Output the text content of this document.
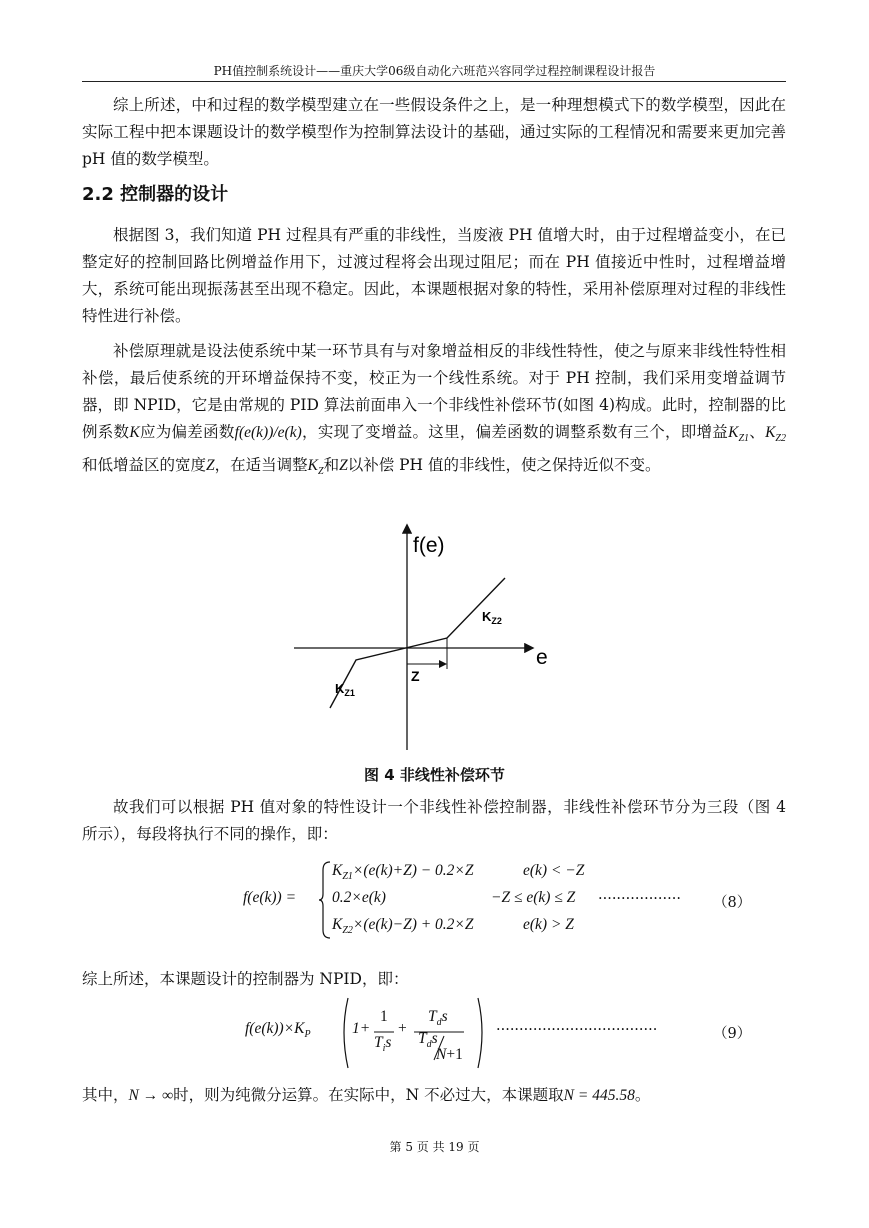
PH值控制系统设计——重庆大学06级自动化六班范兴容同学过程控制课程设计报告
综上所述，中和过程的数学模型建立在一些假设条件之上，是一种理想模式下的数学模型，因此在实际工程中把本课题设计的数学模型作为控制算法设计的基础，通过实际的工程情况和需要来更加完善 pH 值的数学模型。
2.2 控制器的设计
根据图 3，我们知道 PH 过程具有严重的非线性，当废液 PH 值增大时，由于过程增益变小，在已整定好的控制回路比例增益作用下，过渡过程将会出现过阻尼；而在 PH 值接近中性时，过程增益增大，系统可能出现振荡甚至出现不稳定。因此，本课题根据对象的特性，采用补偿原理对过程的非线性特性进行补偿。
补偿原理就是设法使系统中某一环节具有与对象增益相反的非线性特性，使之与原来非线性特性相补偿，最后使系统的开环增益保持不变，校正为一个线性系统。对于 PH 控制，我们采用变增益调节器，即 NPID，它是由常规的 PID 算法前面串入一个非线性补偿环节(如图 4)构成。此时，控制器的比例系数K应为偏差函数f(e(k))/e(k)，实现了变增益。这里，偏差函数的调整系数有三个，即增益$K_{Z1}$、$K_{Z2}$和低增益区的宽度Z，在适当调整$K_Z$和Z以补偿 PH 值的非线性，使之保持近似不变。
f(e)
e
$K_{Z2}$
$K_{Z1}$
Z
图 4 非线性补偿环节
故我们可以根据 PH 值对象的特性设计一个非线性补偿控制器，非线性补偿环节分为三段（图 4 所示），每段将执行不同的操作，即：
f(e(k)) =
$K_{Z1}\times(e(k)+Z) - 0.2\times Z$	e(k) < −Z
0.2×e(k)	−Z ≤ e(k) ≤ Z
$K_{Z2}\times(e(k)-Z) + 0.2\times Z$	e(k) > Z
·················· （8）
综上所述，本课题设计的控制器为 NPID，即：
$f(e(k))\times K_P$	1+
1
$T_is$
+
$T_ds$
$T_ds$
N+1
···································	（9）
其中，N → ∞时，则为纯微分运算。在实际中，N 不必过大，本课题取N = 445.58。
第 5 页 共 19 页
